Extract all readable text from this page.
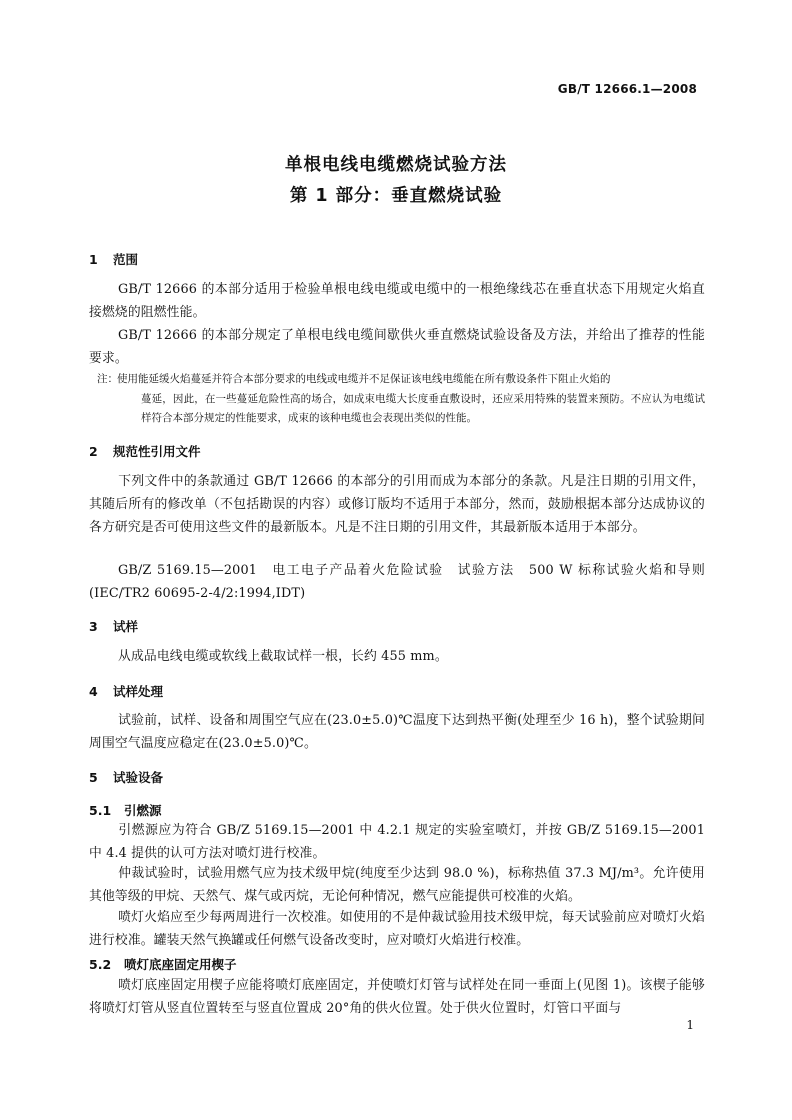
GB/T 12666.1—2008
单根电线电缆燃烧试验方法
第 1 部分：垂直燃烧试验
1 范围
GB/T 12666 的本部分适用于检验单根电线电缆或电缆中的一根绝缘线芯在垂直状态下用规定火焰直接燃烧的阻燃性能。
GB/T 12666 的本部分规定了单根电线电缆间歇供火垂直燃烧试验设备及方法，并给出了推荐的性能要求。
注：使用能延缓火焰蔓延并符合本部分要求的电线或电缆并不足保证该电线电缆能在所有敷设条件下阻止火焰的
蔓延，因此，在一些蔓延危险性高的场合，如成束电缆大长度垂直敷设时，还应采用特殊的装置来预防。不应认为电缆试样符合本部分规定的性能要求，成束的该种电缆也会表现出类似的性能。
2 规范性引用文件
下列文件中的条款通过 GB/T 12666 的本部分的引用而成为本部分的条款。凡是注日期的引用文件，其随后所有的修改单（不包括勘误的内容）或修订版均不适用于本部分，然而，鼓励根据本部分达成协议的各方研究是否可使用这些文件的最新版本。凡是不注日期的引用文件，其最新版本适用于本部分。
GB/Z 5169.15—2001　电工电子产品着火危险试验　试验方法　500 W 标称试验火焰和导则 (IEC/TR2 60695-2-4/2:1994,IDT)
3 试样
从成品电线电缆或软线上截取试样一根，长约 455 mm。
4 试样处理
试验前，试样、设备和周围空气应在(23.0±5.0)℃温度下达到热平衡(处理至少 16 h)，整个试验期间周围空气温度应稳定在(23.0±5.0)℃。
5 试验设备
5.1 引燃源
引燃源应为符合 GB/Z 5169.15—2001 中 4.2.1 规定的实验室喷灯，并按 GB/Z 5169.15—2001 中 4.4 提供的认可方法对喷灯进行校准。
仲裁试验时，试验用燃气应为技术级甲烷(纯度至少达到 98.0 %)，标称热值 37.3 MJ/m³。允许使用其他等级的甲烷、天然气、煤气或丙烷，无论何种情况，燃气应能提供可校准的火焰。
喷灯火焰应至少每两周进行一次校准。如使用的不是仲裁试验用技术级甲烷，每天试验前应对喷灯火焰进行校准。罐装天然气换罐或任何燃气设备改变时，应对喷灯火焰进行校准。
5.2 喷灯底座固定用楔子
喷灯底座固定用楔子应能将喷灯底座固定，并使喷灯灯管与试样处在同一垂面上(见图 1)。该楔子能够将喷灯灯管从竖直位置转至与竖直位置成 20°角的供火位置。处于供火位置时，灯管口平面与
1
